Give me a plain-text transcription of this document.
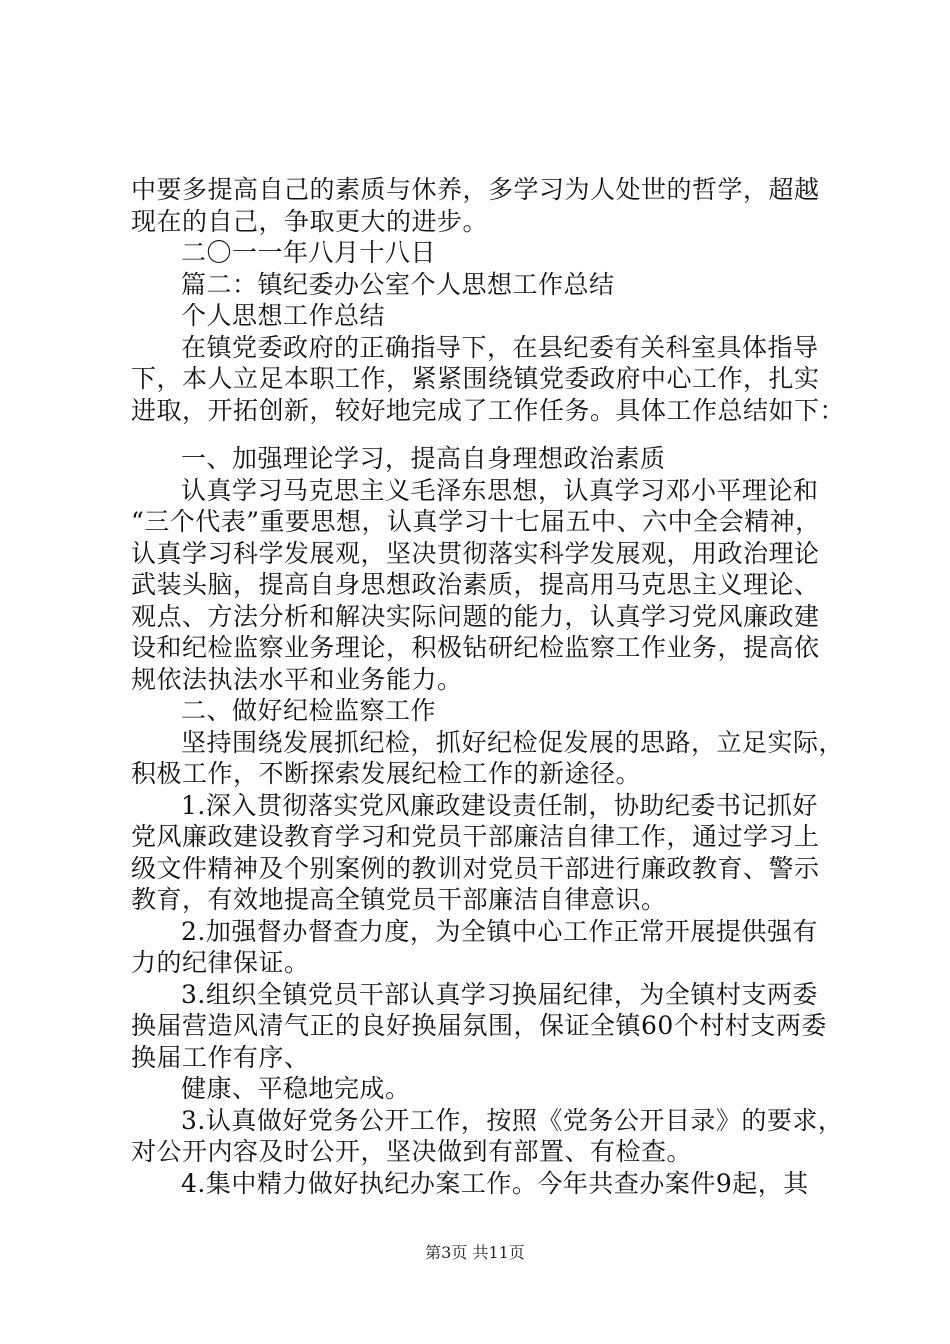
中要多提高自己的素质与休养，多学习为人处世的哲学，超越
现在的自己，争取更大的进步。
二〇一一年八月十八日
篇二：镇纪委办公室个人思想工作总结
个人思想工作总结
在镇党委政府的正确指导下，在县纪委有关科室具体指导
下，本人立足本职工作，紧紧围绕镇党委政府中心工作，扎实
进取，开拓创新，较好地完成了工作任务。具体工作总结如下：
一、加强理论学习，提高自身理想政治素质
认真学习马克思主义毛泽东思想，认真学习邓小平理论和
“三个代表”重要思想，认真学习十七届五中、六中全会精神，
认真学习科学发展观，坚决贯彻落实科学发展观，用政治理论
武装头脑，提高自身思想政治素质，提高用马克思主义理论、
观点、方法分析和解决实际问题的能力，认真学习党风廉政建
设和纪检监察业务理论，积极钻研纪检监察工作业务，提高依
规依法执法水平和业务能力。
二、做好纪检监察工作
坚持围绕发展抓纪检，抓好纪检促发展的思路，立足实际，
积极工作，不断探索发展纪检工作的新途径。
1.深入贯彻落实党风廉政建设责任制，协助纪委书记抓好
党风廉政建设教育学习和党员干部廉洁自律工作，通过学习上
级文件精神及个别案例的教训对党员干部进行廉政教育、警示
教育，有效地提高全镇党员干部廉洁自律意识。
2.加强督办督查力度，为全镇中心工作正常开展提供强有
力的纪律保证。
3.组织全镇党员干部认真学习换届纪律，为全镇村支两委
换届营造风清气正的良好换届氛围，保证全镇60个村村支两委
换届工作有序、
健康、平稳地完成。
3.认真做好党务公开工作，按照《党务公开目录》的要求，
对公开内容及时公开，坚决做到有部置、有检查。
4.集中精力做好执纪办案工作。今年共查办案件9起，其
第3页 共11页
